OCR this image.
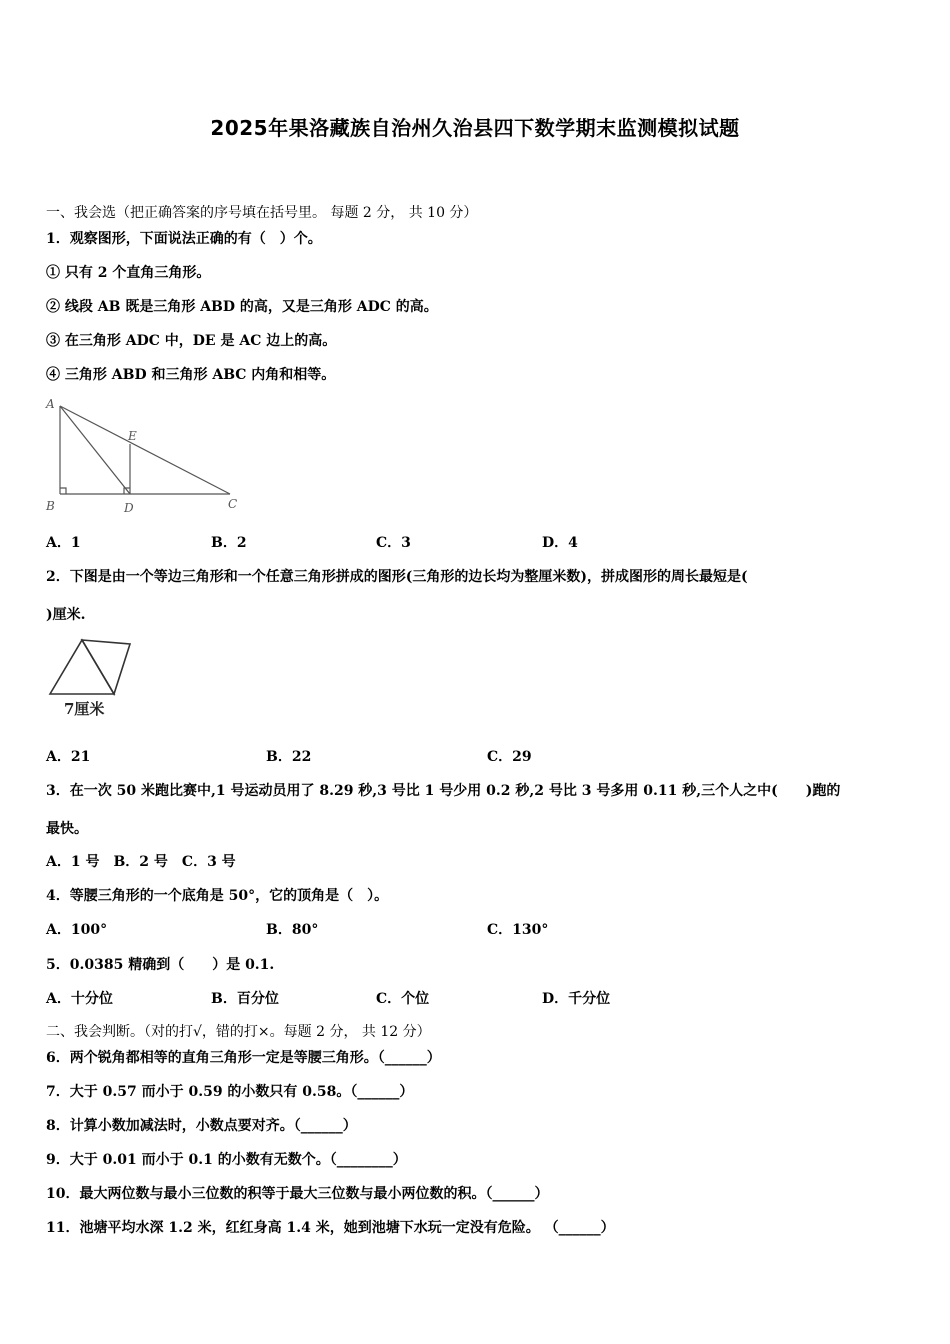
2025年果洛藏族自治州久治县四下数学期末监测模拟试题
一、我会选（把正确答案的序号填在括号里。 每题 2 分， 共 10 分）
1．观察图形，下面说法正确的有（　）个。
① 只有 2 个直角三角形。
② 线段 AB 既是三角形 ABD 的高，又是三角形 ADC 的高。
③ 在三角形 ADC 中，DE 是 AC 边上的高。
④ 三角形 ABD 和三角形 ABC 内角和相等。
A
B	C
D
E
A．1	B．2	C．3	D．4
2．下图是由一个等边三角形和一个任意三角形拼成的图形(三角形的边长均为整厘米数)，拼成图形的周长最短是(
)厘米.
7厘米
A．21	B．22	C．29
3．在一次 50 米跑比赛中,1 号运动员用了 8.29 秒,3 号比 1 号少用 0.2 秒,2 号比 3 号多用 0.11 秒,三个人之中(　　)跑的
最快。
A．1 号　B．2 号　C．3 号
4．等腰三角形的一个底角是 50°，它的顶角是（　）。
A．100°	B．80°	C．130°
5．0.0385 精确到（　　）是 0.1.
A．十分位	B．百分位	C．个位	D．千分位
二、我会判断。（对的打√，错的打×。每题 2 分， 共 12 分）
6．两个锐角都相等的直角三角形一定是等腰三角形。（______）
7．大于 0.57 而小于 0.59 的小数只有 0.58。（______）
8．计算小数加减法时，小数点要对齐。（______）
9．大于 0.01 而小于 0.1 的小数有无数个。（________）
10．最大两位数与最小三位数的积等于最大三位数与最小两位数的积。（______）
11．池塘平均水深 1.2 米，红红身高 1.4 米，她到池塘下水玩一定没有危险。 （______）
